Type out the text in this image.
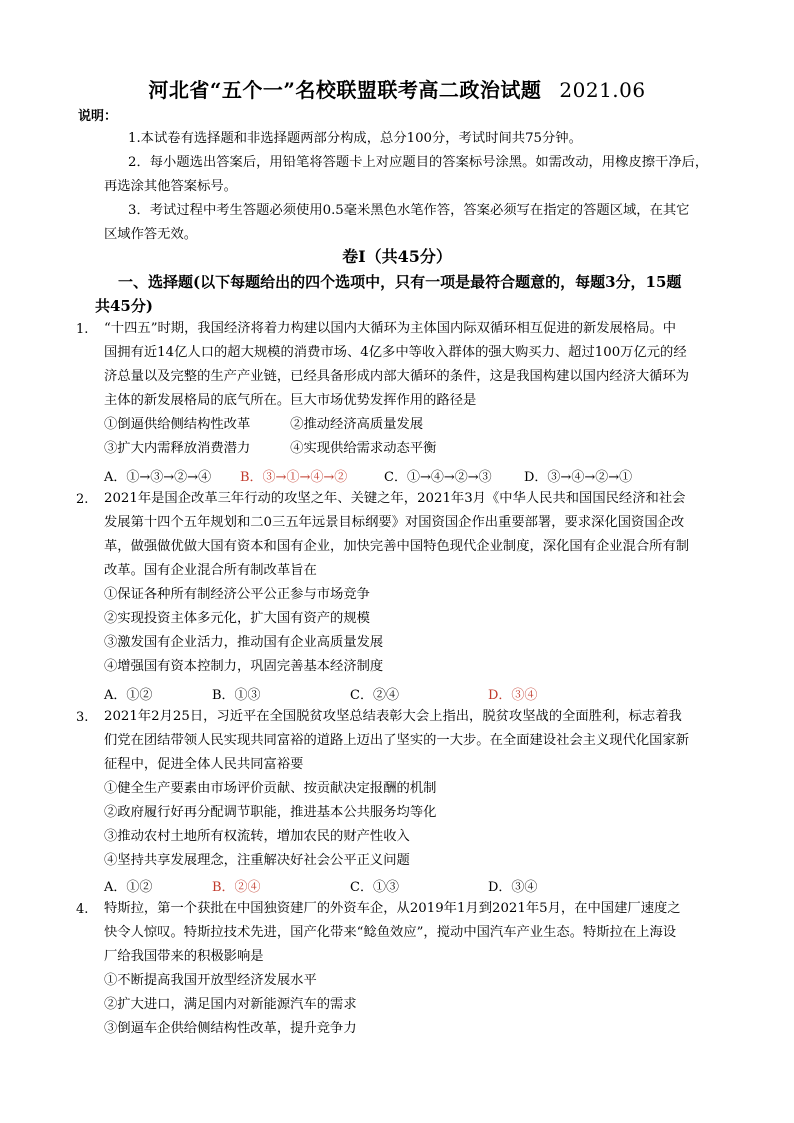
河北省“五个一”名校联盟联考高二政治试题 2021.06
说明：
1.本试卷有选择题和非选择题两部分构成，总分100分，考试时间共75分钟。
2．每小题选出答案后，用铅笔将答题卡上对应题目的答案标号涂黑。如需改动，用橡皮擦干净后，
再选涂其他答案标号。
3．考试过程中考生答题必须使用0.5毫米黑色水笔作答，答案必须写在指定的答题区域，在其它
区域作答无效。
卷Ⅰ（共45分）
一、选择题(以下每题给出的四个选项中，只有一项是最符合题意的，每题3分，15题
共45分)
1. “十四五”时期，我国经济将着力构建以国内大循环为主体国内际双循环相互促进的新发展格局。中
国拥有近14亿人口的超大规模的消费市场、4亿多中等收入群体的强大购买力、超过100万亿元的经
济总量以及完整的生产产业链，已经具备形成内部大循环的条件，这是我国构建以国内经济大循环为
主体的新发展格局的底气所在。巨大市场优势发挥作用的路径是
①倒逼供给侧结构性改革　　　②推动经济高质量发展
③扩大内需释放消费潜力　　　④实现供给需求动态平衡
A．①→③→②→④ B．③→①→④→②	C．①→④→②→③ D．③→④→②→①
2. 2021年是国企改革三年行动的攻坚之年、关键之年，2021年3月《中华人民共和国国民经济和社会
发展第十四个五年规划和二0三五年远景目标纲要》对国资国企作出重要部署，要求深化国资国企改
革，做强做优做大国有资本和国有企业，加快完善中国特色现代企业制度，深化国有企业混合所有制
改革。国有企业混合所有制改革旨在
①保证各种所有制经济公平公正参与市场竞争
②实现投资主体多元化，扩大国有资产的规模
③激发国有企业活力，推动国有企业高质量发展
④增强国有资本控制力，巩固完善基本经济制度
A．①②	B．①③	C．②④	D．③④
3. 2021年2月25日，习近平在全国脱贫攻坚总结表彰大会上指出，脱贫攻坚战的全面胜利，标志着我
们党在团结带领人民实现共同富裕的道路上迈出了坚实的一大步。在全面建设社会主义现代化国家新
征程中，促进全体人民共同富裕要
①健全生产要素由市场评价贡献、按贡献决定报酬的机制
②政府履行好再分配调节职能，推进基本公共服务均等化
③推动农村土地所有权流转，增加农民的财产性收入
④坚持共享发展理念，注重解决好社会公平正义问题
A．①②	B．②④	C．①③	D．③④
4. 特斯拉，第一个获批在中国独资建厂的外资车企，从2019年1月到2021年5月，在中国建厂速度之
快令人惊叹。特斯拉技术先进，国产化带来“鲶鱼效应”，搅动中国汽车产业生态。特斯拉在上海设
厂给我国带来的积极影响是
①不断提高我国开放型经济发展水平
②扩大进口，满足国内对新能源汽车的需求
③倒逼车企供给侧结构性改革，提升竞争力
